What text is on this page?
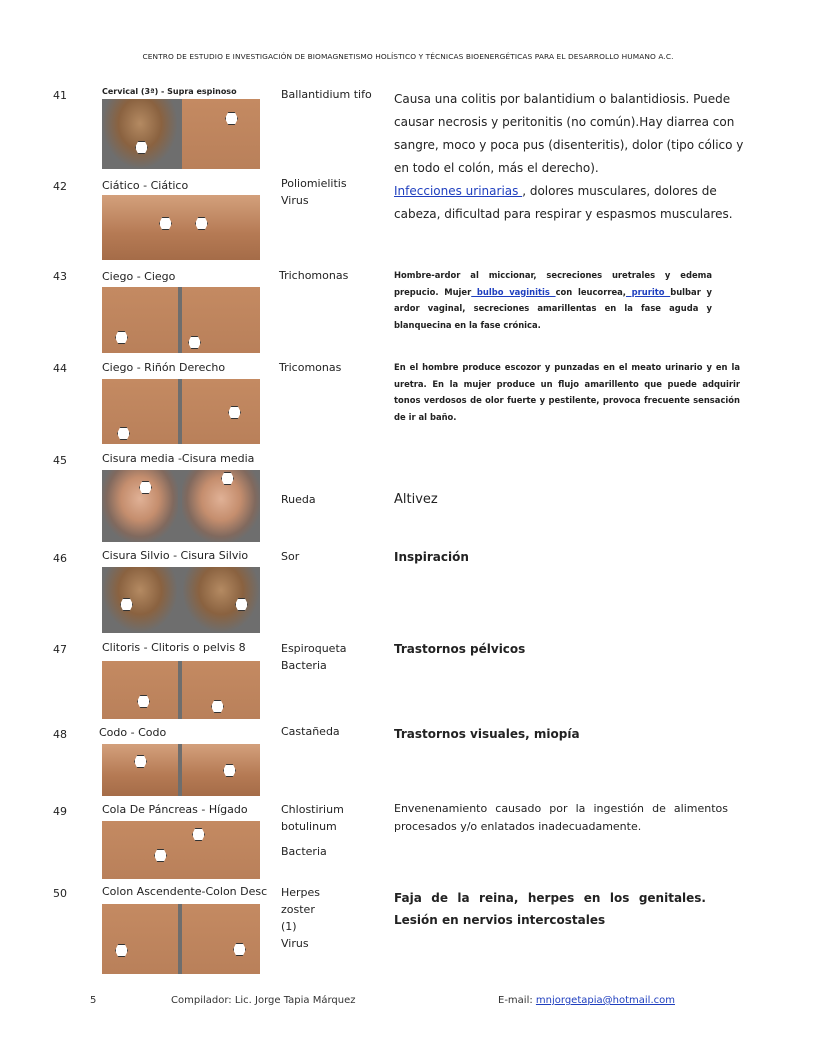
CENTRO DE ESTUDIO E INVESTIGACIÓN DE BIOMAGNETISMO HOLÍSTICO Y TÉCNICAS BIOENERGÉTICAS PARA EL DESARROLLO HUMANO A.C.
41
42
43
44
45
46
47
48
49
50
Cervical (3ª) - Supra espinoso
Ciático - Ciático
Ciego - Ciego
Ciego - Riñón Derecho
Cisura media -Cisura media
Cisura Silvio - Cisura Silvio
Clitoris - Clitoris o pelvis 8
Codo - Codo
Cola De Páncreas - Hígado
Colon Ascendente-Colon Desc
Ballantidium tifo
Poliomielitis
Virus
Trichomonas
Tricomonas
Rueda
Sor
Espiroqueta
Bacteria
Castañeda
Chlostirium
botulinum
Bacteria
Herpes zoster
(1)
Virus
Causa una colitis por balantidium o balantidiosis. Puede causar necrosis y peritonitis (no común).Hay diarrea con sangre, moco y poca pus (disenteritis), dolor (tipo cólico y en todo el colón, más el derecho).
Infecciones urinarias , dolores musculares, dolores de cabeza, dificultad para respirar y espasmos musculares.
Hombre-ardor al miccionar, secreciones uretrales y edema prepucio. Mujer bulbo vaginitis con leucorrea, prurito bulbar y ardor vaginal, secreciones amarillentas en la fase aguda y blanquecina en la fase crónica.
En el hombre produce escozor y punzadas en el meato urinario y en la uretra. En la mujer produce un flujo amarillento que puede adquirir tonos verdosos de olor fuerte y pestilente, provoca frecuente sensación de ir al baño.
Altivez
Inspiración
Trastornos pélvicos
Trastornos visuales, miopía
Envenenamiento causado por la ingestión de alimentos procesados y/o enlatados inadecuadamente.
Faja de la reina, herpes en los genitales. Lesión en nervios intercostales
5	Compilador: Lic. Jorge Tapia Márquez	E-mail: mnjorgetapia@hotmail.com
